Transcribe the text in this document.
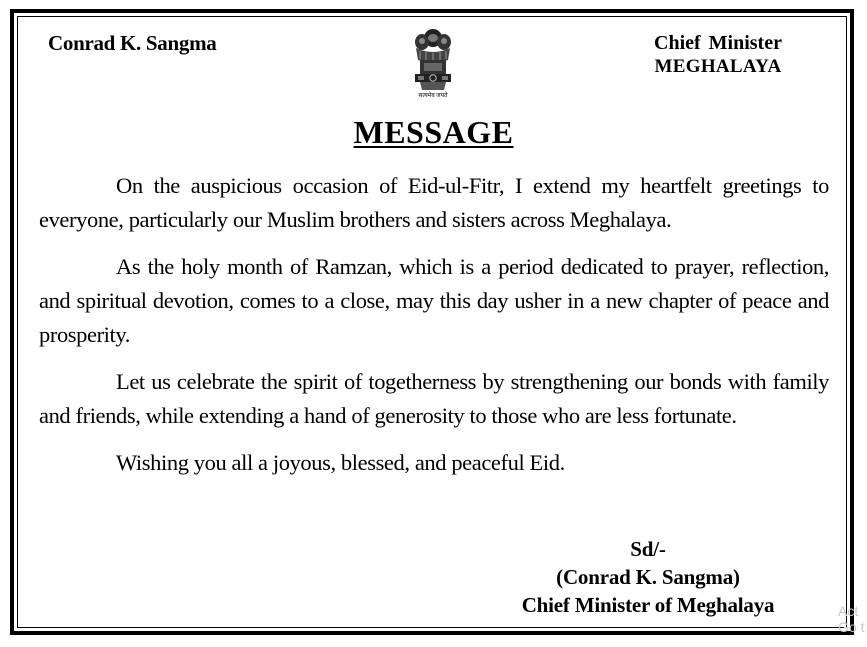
Conrad K. Sangma	Chief Minister
MEGHALAYA
सत्यमेव जयते
MESSAGE

On the auspicious occasion of Eid-ul-Fitr, I extend my heartfelt greetings to everyone, particularly our Muslim brothers and sisters across Meghalaya.

As the holy month of Ramzan, which is a period dedicated to prayer, reflection, and spiritual devotion, comes to a close, may this day usher in a new chapter of peace and prosperity.

Let us celebrate the spirit of togetherness by strengthening our bonds with family and friends, while extending a hand of generosity to those who are less fortunate.

Wishing you all a joyous, blessed, and peaceful Eid.

Sd/-
(Conrad K. Sangma)
Chief Minister of Meghalaya	Act
Go t
